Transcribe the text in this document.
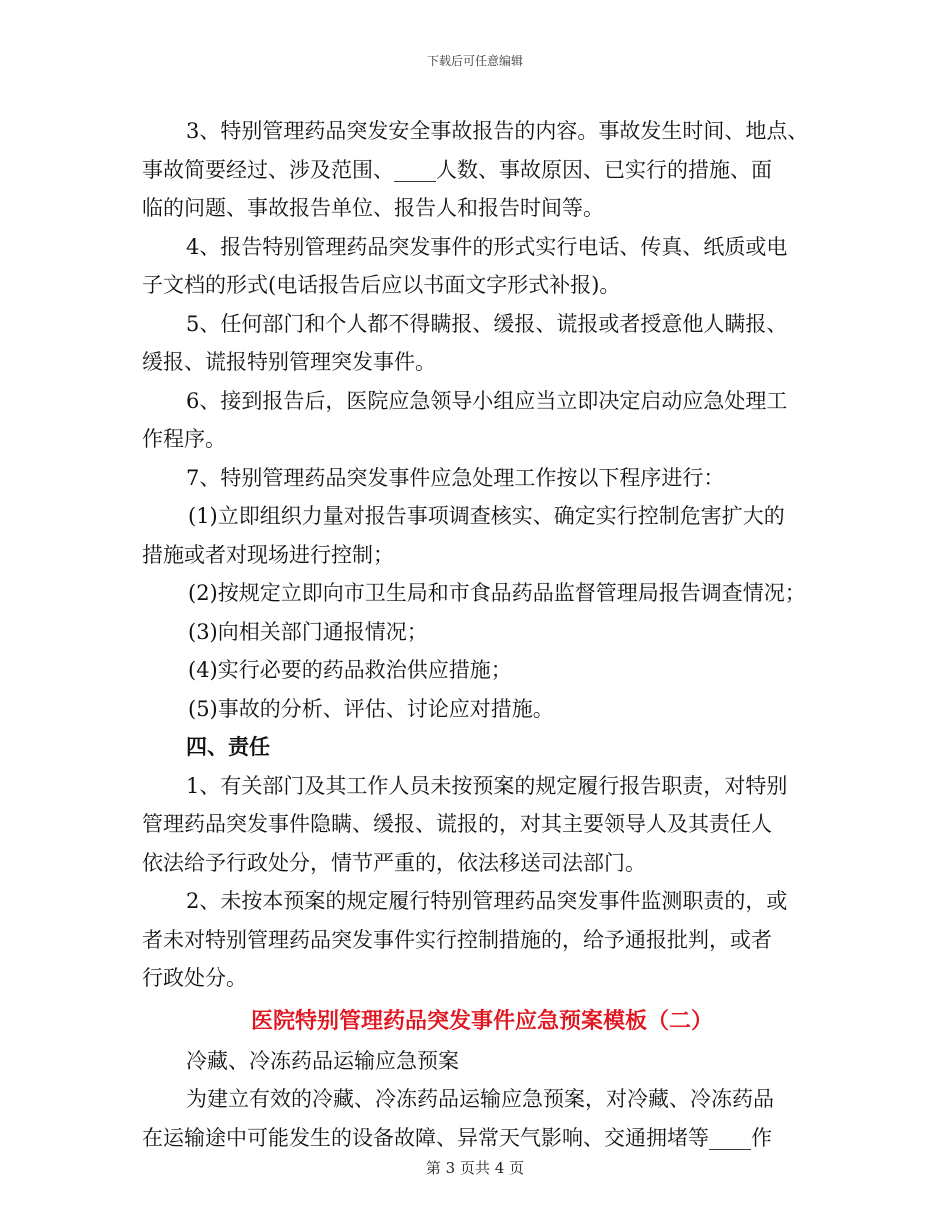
下载后可任意编辑
3、特别管理药品突发安全事故报告的内容。事故发生时间、地点、
事故简要经过、涉及范围、____人数、事故原因、已实行的措施、面
临的问题、事故报告单位、报告人和报告时间等。
4、报告特别管理药品突发事件的形式实行电话、传真、纸质或电
子文档的形式(电话报告后应以书面文字形式补报)。
5、任何部门和个人都不得瞒报、缓报、谎报或者授意他人瞒报、
缓报、谎报特别管理突发事件。
6、接到报告后，医院应急领导小组应当立即决定启动应急处理工
作程序。
7、特别管理药品突发事件应急处理工作按以下程序进行：
(1)立即组织力量对报告事项调查核实、确定实行控制危害扩大的
措施或者对现场进行控制；
(2)按规定立即向市卫生局和市食品药品监督管理局报告调查情况；
(3)向相关部门通报情况；
(4)实行必要的药品救治供应措施；
(5)事故的分析、评估、讨论应对措施。
四、责任
1、有关部门及其工作人员未按预案的规定履行报告职责，对特别
管理药品突发事件隐瞒、缓报、谎报的，对其主要领导人及其责任人
依法给予行政处分，情节严重的，依法移送司法部门。
2、未按本预案的规定履行特别管理药品突发事件监测职责的，或
者未对特别管理药品突发事件实行控制措施的，给予通报批判，或者
行政处分。
医院特别管理药品突发事件应急预案模板（二）
冷藏、冷冻药品运输应急预案
为建立有效的冷藏、冷冻药品运输应急预案，对冷藏、冷冻药品
在运输途中可能发生的设备故障、异常天气影响、交通拥堵等____作
第 3 页共 4 页
